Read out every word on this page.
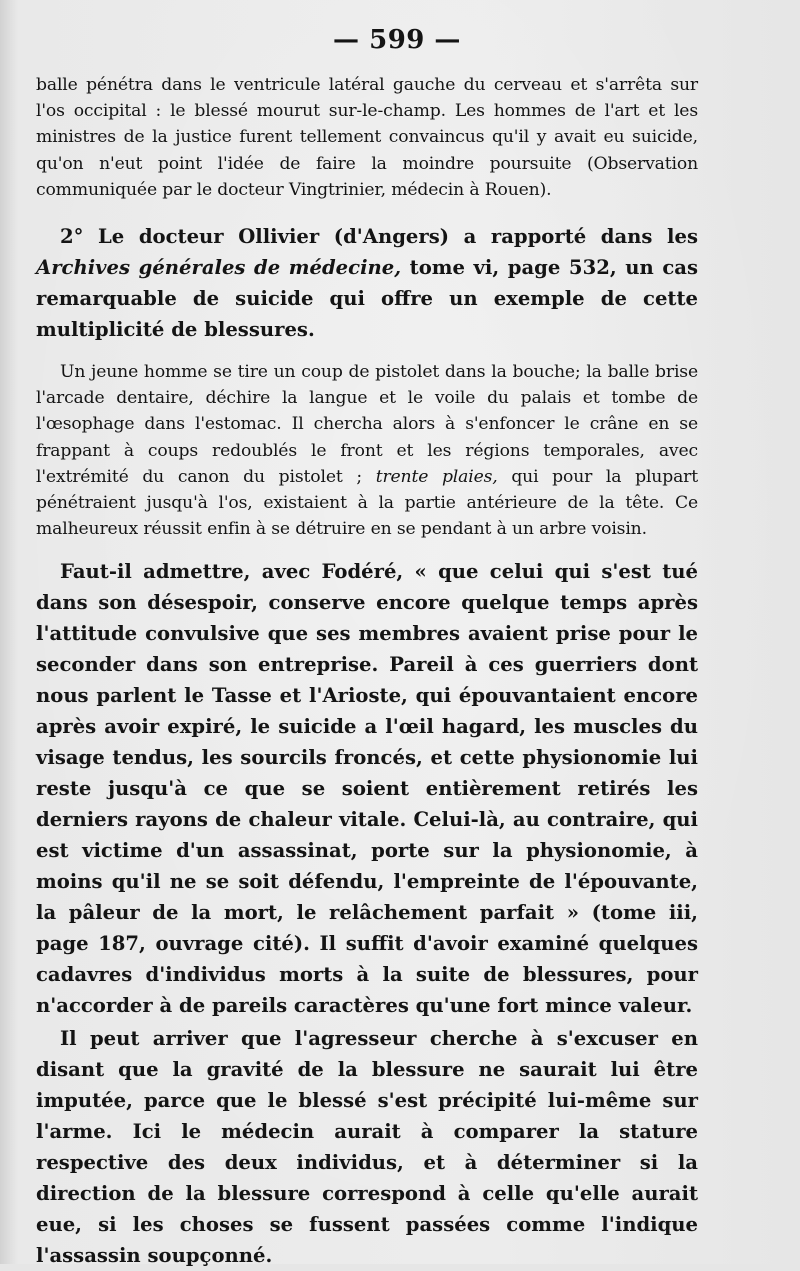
— 599 —

balle pénétra dans le ventricule latéral gauche du cerveau et s'arrêta sur l'os occipital : le blessé mourut sur-le-champ. Les hommes de l'art et les ministres de la justice furent tellement convaincus qu'il y avait eu suicide, qu'on n'eut point l'idée de faire la moindre poursuite (Observation communiquée par le docteur Vingtrinier, médecin à Rouen).

2° Le docteur Ollivier (d'Angers) a rapporté dans les Archives générales de médecine, tome vi, page 532, un cas remarquable de suicide qui offre un exemple de cette multiplicité de blessures.

Un jeune homme se tire un coup de pistolet dans la bouche; la balle brise l'arcade dentaire, déchire la langue et le voile du palais et tombe de l'œsophage dans l'estomac. Il chercha alors à s'enfoncer le crâne en se frappant à coups redoublés le front et les régions temporales, avec l'extrémité du canon du pistolet ; trente plaies, qui pour la plupart pénétraient jusqu'à l'os, existaient à la partie antérieure de la tête. Ce malheureux réussit enfin à se détruire en se pendant à un arbre voisin.

Faut-il admettre, avec Fodéré, « que celui qui s'est tué dans son désespoir, conserve encore quelque temps après l'attitude convulsive que ses membres avaient prise pour le seconder dans son entreprise. Pareil à ces guerriers dont nous parlent le Tasse et l'Arioste, qui épouvantaient encore après avoir expiré, le suicide a l'œil hagard, les muscles du visage tendus, les sourcils froncés, et cette physionomie lui reste jusqu'à ce que se soient entièrement retirés les derniers rayons de chaleur vitale. Celui-là, au contraire, qui est victime d'un assassinat, porte sur la physionomie, à moins qu'il ne se soit défendu, l'empreinte de l'épouvante, la pâleur de la mort, le relâchement parfait » (tome iii, page 187, ouvrage cité). Il suffit d'avoir examiné quelques cadavres d'individus morts à la suite de blessures, pour n'accorder à de pareils caractères qu'une fort mince valeur.

Il peut arriver que l'agresseur cherche à s'excuser en disant que la gravité de la blessure ne saurait lui être imputée, parce que le blessé s'est précipité lui-même sur l'arme. Ici le médecin aurait à comparer la stature respective des deux individus, et à déterminer si la direction de la blessure correspond à celle qu'elle aurait eue, si les choses se fussent passées comme l'indique l'assassin soupçonné.
